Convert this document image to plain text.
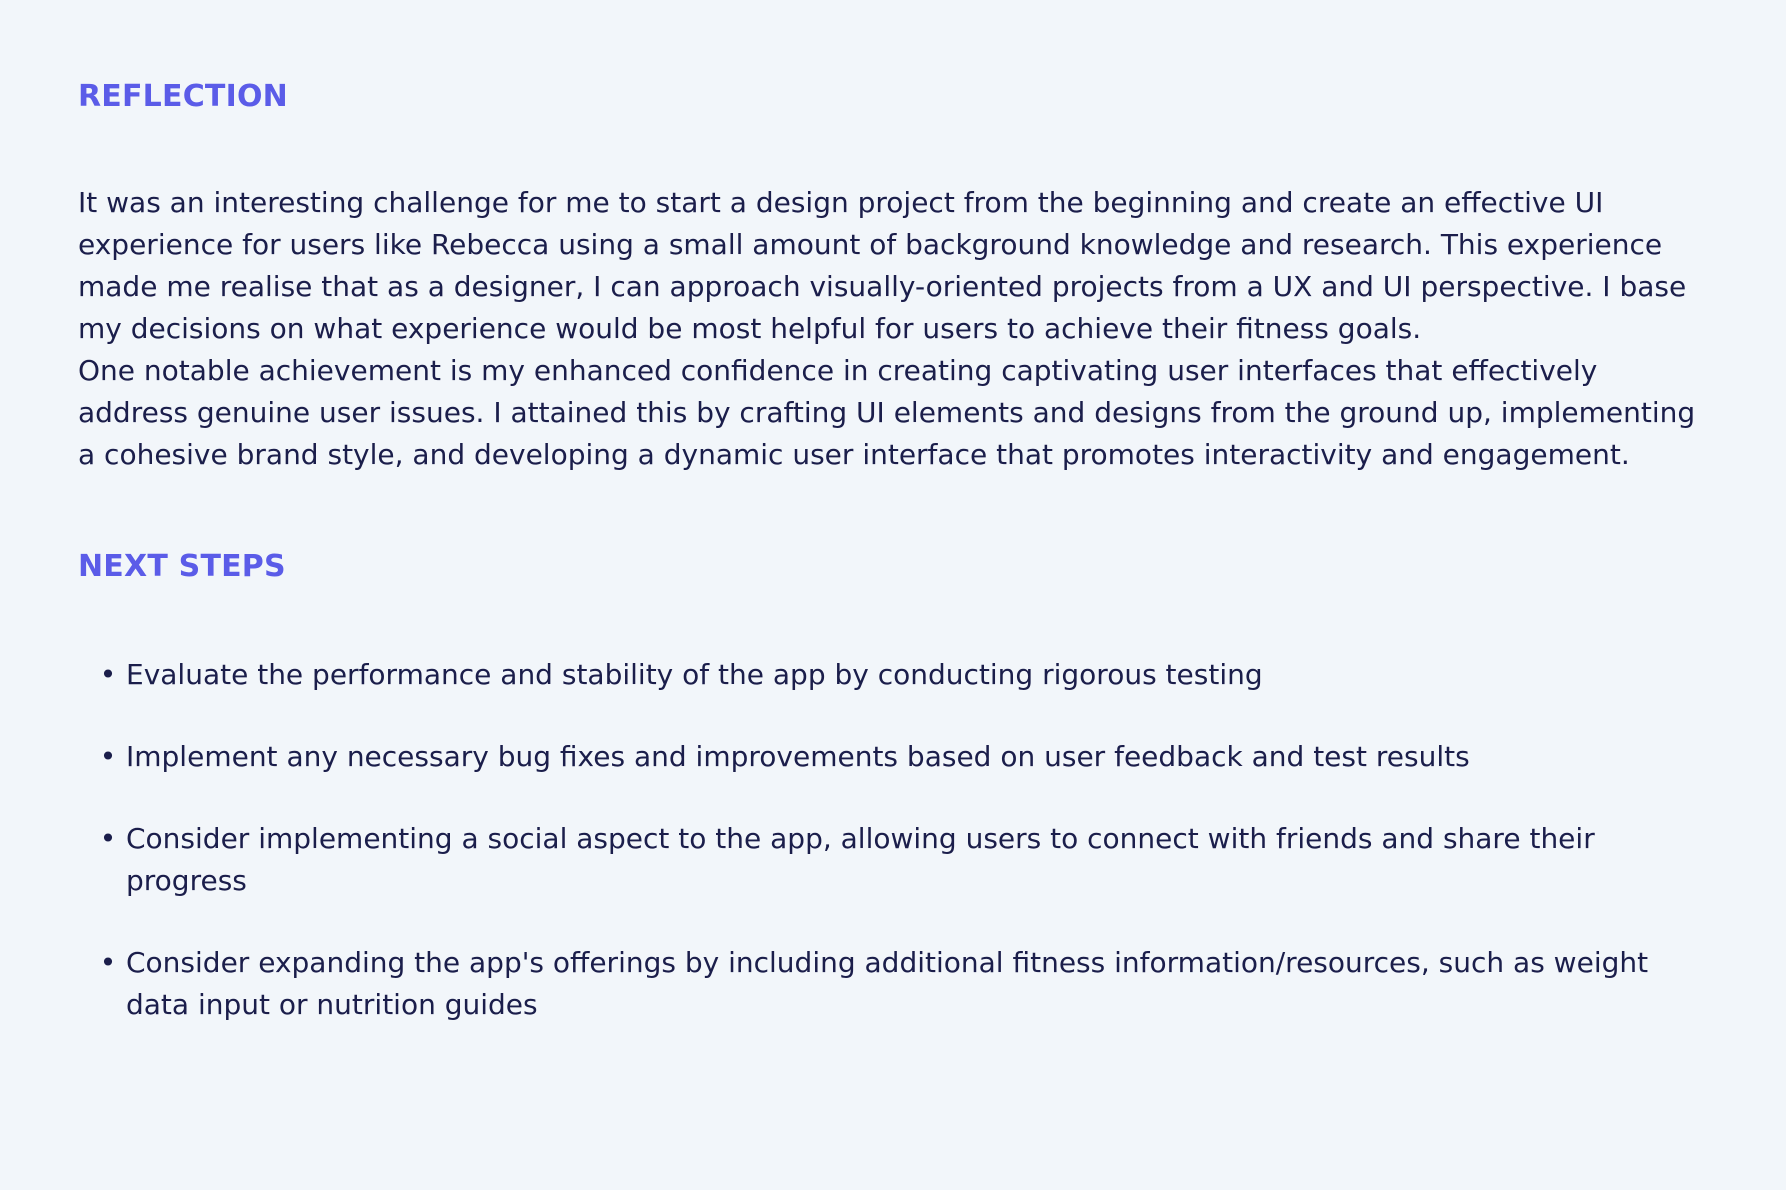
REFLECTION

It was an interesting challenge for me to start a design project from the beginning and create an effective UI experience for users like Rebecca using a small amount of background knowledge and research. This experience made me realise that as a designer, I can approach visually-oriented projects from a UX and UI perspective. I base my decisions on what experience would be most helpful for users to achieve their fitness goals.

One notable achievement is my enhanced confidence in creating captivating user interfaces that effectively address genuine user issues. I attained this by crafting UI elements and designs from the ground up, implementing a cohesive brand style, and developing a dynamic user interface that promotes interactivity and engagement.

NEXT STEPS
• Evaluate the performance and stability of the app by conducting rigorous testing
• Implement any necessary bug fixes and improvements based on user feedback and test results
• Consider implementing a social aspect to the app, allowing users to connect with friends and share their progress
• Consider expanding the app's offerings by including additional fitness information/resources, such as weight data input or nutrition guides
